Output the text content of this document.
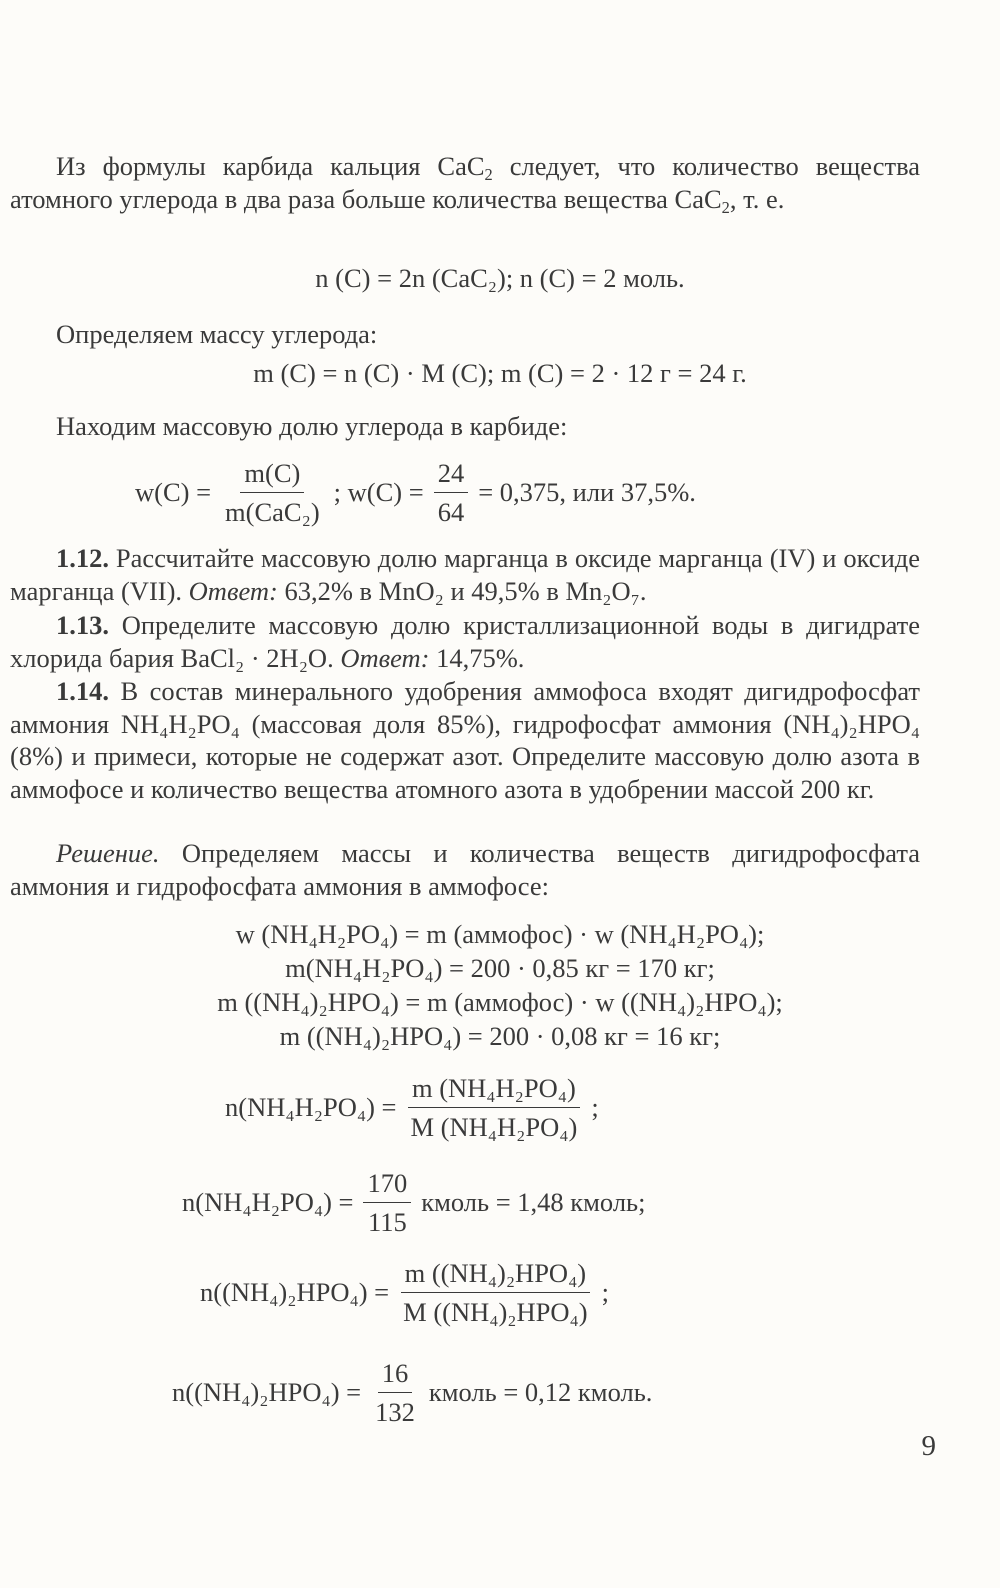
Из формулы карбида кальция CaC$_2$ следует, что количество вещества атомного углерода в два раза больше количества вещества CaC$_2$, т. е.

n (C) = 2n (CaC₂); n (C) = 2 моль.

Определяем массу углерода:

m (C) = n (C) · M (C); m (C) = 2 · 12 г = 24 г.

Находим массовую долю углерода в карбиде:

$w(C) = \frac{m(C)}{\text{m(CaC₂)}}$ ; $w(C) = \frac{24}{64} = 0,375$, или 37,5%.

1.12. Рассчитайте массовую долю марганца в оксиде марганца (IV) и оксиде марганца (VII). Ответ: 63,2% в MnO₂ и 49,5% в Mn₂O₇.

1.13. Определите массовую долю кристаллизационной воды в дигидрате хлорида бария BaCl₂ · 2H₂O. Ответ: 14,75%.

1.14. В состав минерального удобрения аммофоса входят дигидрофосфат аммония NH₄H₂PO₄ (массовая доля 85%), гидрофосфат аммония (NH₄)₂HPO₄ (8%) и примеси, которые не содержат азот. Определите массовую долю азота в аммофосе и количество вещества атомного азота в удобрении массой 200 кг.

Решение. Определяем массы и количества веществ дигидрофосфата аммония и гидрофосфата аммония в аммофосе:

w (NH₄H₂PO₄) = m (аммофос) · w (NH₄H₂PO₄);
m(NH₄H₂PO₄) = 200 · 0,85 кг = 170 кг;
m ((NH₄)₂HPO₄) = m (аммофос) · w ((NH₄)₂HPO₄);
m ((NH₄)₂HPO₄) = 200 · 0,08 кг = 16 кг;
$n(NH_4H_2PO_4) = \frac{\text{m (NH₄H₂PO₄)}}{\text{M (NH₄H₂PO₄)}}$ ;
$n(NH_4H_2PO_4) = \frac{170}{115}$ кмоль = 1,48 кмоль;
$n((NH_4)_2HPO_4) = \frac{\text{m ((NH₄)₂HPO₄)}}{\text{M ((NH₄)₂HPO₄)}}$ ;
$n((NH_4)_2HPO_4) = \frac{16}{132}$ кмоль = 0,12 кмоль.
9
